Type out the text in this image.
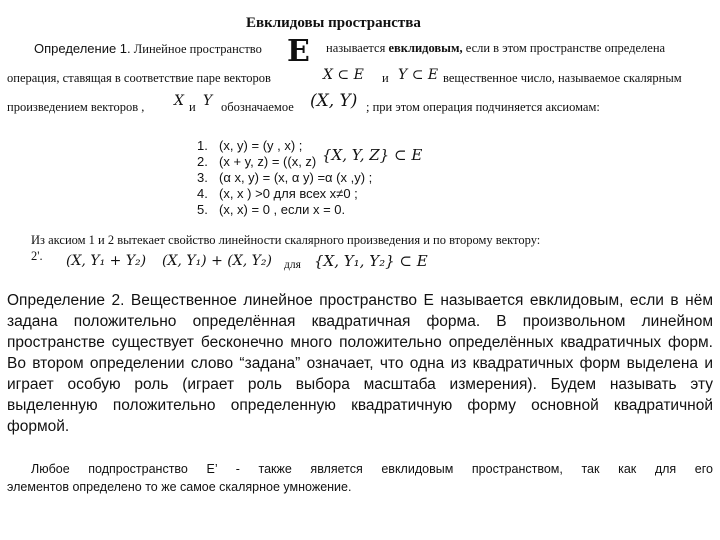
Евклидовы пространства
Определение 1. Линейное пространство E называется евклидовым, если в этом пространстве определена
операция, ставящая в соответствие паре векторов	X ⊂ E и Y ⊂ E вещественное число, называемое скалярным
произведением векторов , X и Y обозначаемое (X, Y) ; при этом операция подчиняется аксиомам:
1. (x, y) = (y , x) ;
2. (x + y, z) = ((x, z)
3. (α x, y) = (x, α y) =α (x ,y) ;
4. (x, x ) >0 для всех x≠0 ;
5. (x, x) = 0 , если x = 0.
{X, Y, Z} ⊂ E
Из аксиом 1 и 2 вытекает свойство линейности скалярного произведения и по второму вектору:
2'. (X, Y₁ + Y₂) (X, Y₁) + (X, Y₂) для {X, Y₁, Y₂} ⊂ E
Определение 2. Вещественное линейное пространство E называется евклидовым, если в нём задана положительно определённая квадратичная форма. В произвольном линейном пространстве существует бесконечно много положительно определённых квадратичных форм. Во втором определении слово “задана” означает, что одна из квадратичных форм выделена и играет особую роль (играет роль выбора масштаба измерения). Будем называть эту выделенную положительно определенную квадратичную форму основной квадратичной формой.
Любое подпространство E’ - также является евклидовым пространством, так как для его
элементов определено то же самое скалярное умножение.
